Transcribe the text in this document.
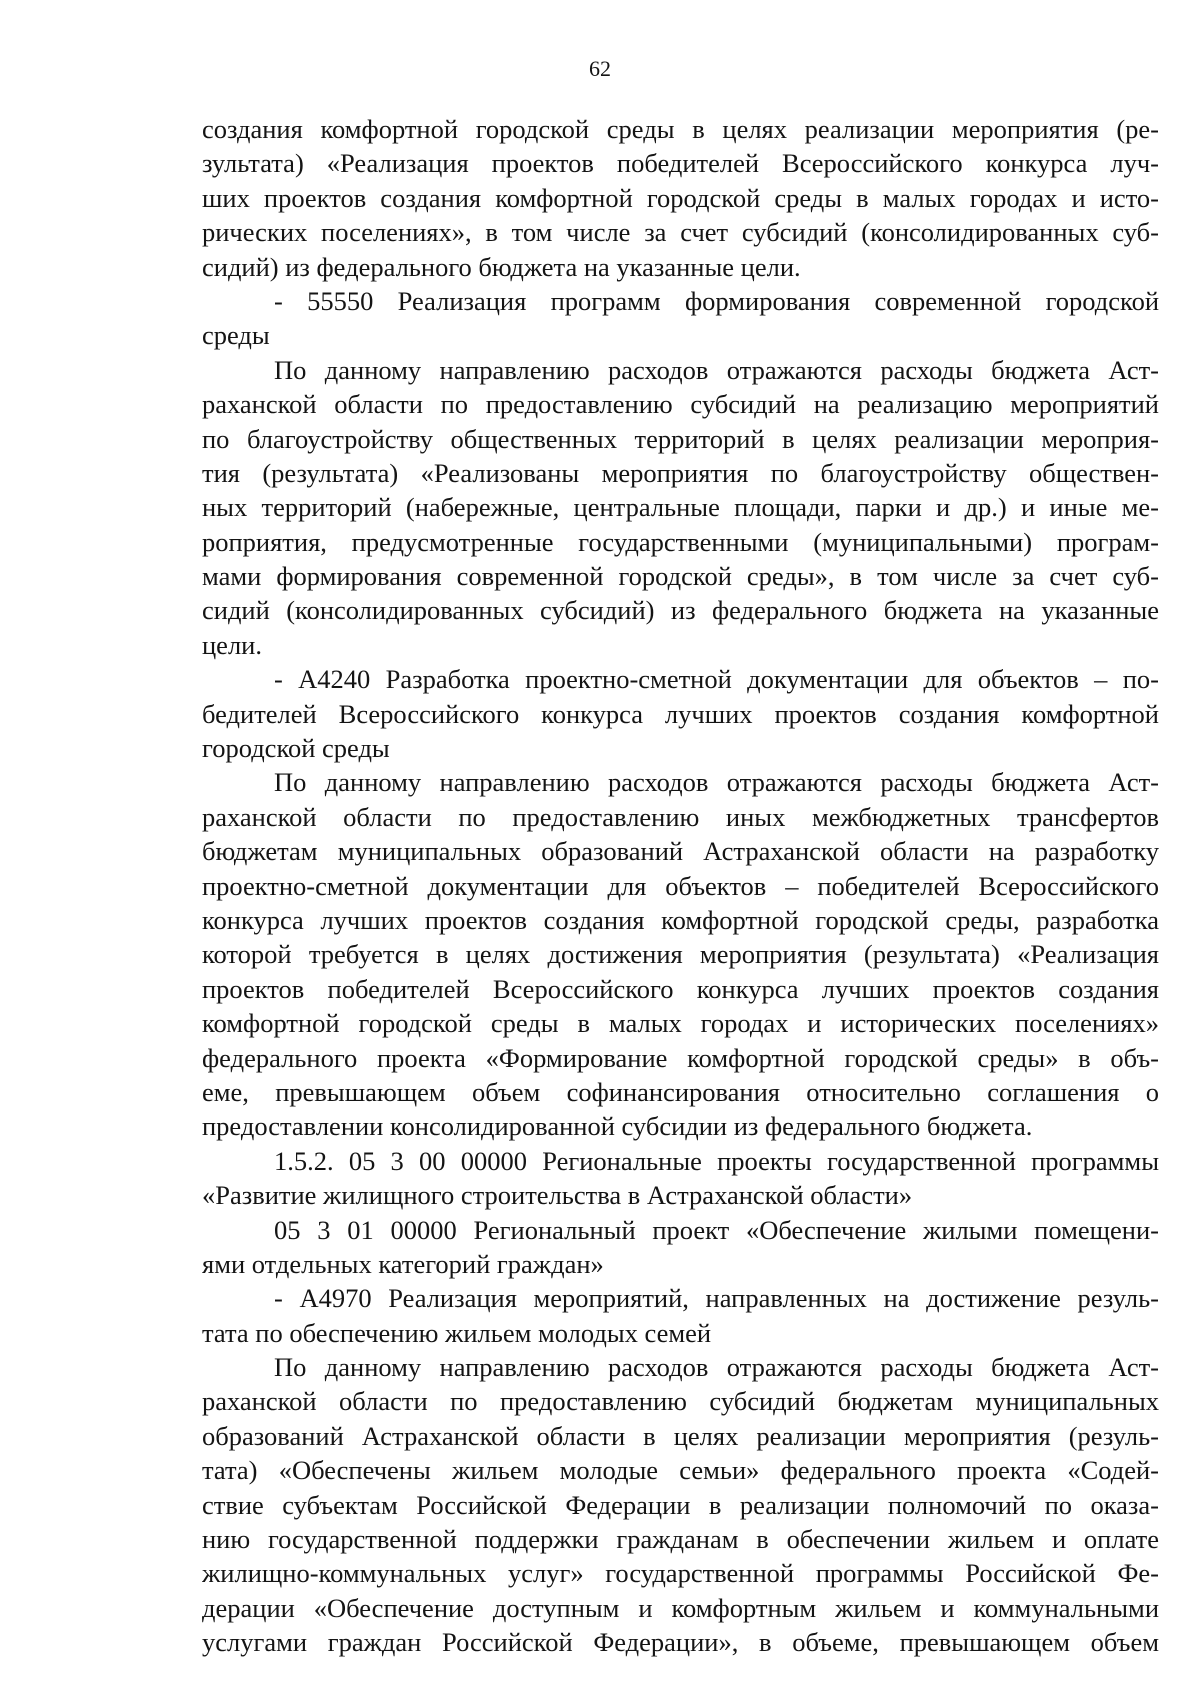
62
создания комфортной городской среды в целях реализации мероприятия (ре-
зультата) «Реализация проектов победителей Всероссийского конкурса луч-
ших проектов создания комфортной городской среды в малых городах и исто-
рических поселениях», в том числе за счет субсидий (консолидированных суб-
сидий) из федерального бюджета на указанные цели.
- 55550 Реализация программ формирования современной городской
среды
По данному направлению расходов отражаются расходы бюджета Аст-
раханской области по предоставлению субсидий на реализацию мероприятий
по благоустройству общественных территорий в целях реализации мероприя-
тия (результата) «Реализованы мероприятия по благоустройству обществен-
ных территорий (набережные, центральные площади, парки и др.) и иные ме-
роприятия, предусмотренные государственными (муниципальными) програм-
мами формирования современной городской среды», в том числе за счет суб-
сидий (консолидированных субсидий) из федерального бюджета на указанные
цели.
- А4240 Разработка проектно-сметной документации для объектов – по-
бедителей Всероссийского конкурса лучших проектов создания комфортной
городской среды
По данному направлению расходов отражаются расходы бюджета Аст-
раханской области по предоставлению иных межбюджетных трансфертов
бюджетам муниципальных образований Астраханской области на разработку
проектно-сметной документации для объектов – победителей Всероссийского
конкурса лучших проектов создания комфортной городской среды, разработка
которой требуется в целях достижения мероприятия (результата) «Реализация
проектов победителей Всероссийского конкурса лучших проектов создания
комфортной городской среды в малых городах и исторических поселениях»
федерального проекта «Формирование комфортной городской среды» в объ-
еме, превышающем объем софинансирования относительно соглашения о
предоставлении консолидированной субсидии из федерального бюджета.
1.5.2. 05 3 00 00000 Региональные проекты государственной программы
«Развитие жилищного строительства в Астраханской области»
05 3 01 00000 Региональный проект «Обеспечение жилыми помещени-
ями отдельных категорий граждан»
- А4970 Реализация мероприятий, направленных на достижение резуль-
тата по обеспечению жильем молодых семей
По данному направлению расходов отражаются расходы бюджета Аст-
раханской области по предоставлению субсидий бюджетам муниципальных
образований Астраханской области в целях реализации мероприятия (резуль-
тата) «Обеспечены жильем молодые семьи» федерального проекта «Содей-
ствие субъектам Российской Федерации в реализации полномочий по оказа-
нию государственной поддержки гражданам в обеспечении жильем и оплате
жилищно-коммунальных услуг» государственной программы Российской Фе-
дерации «Обеспечение доступным и комфортным жильем и коммунальными
услугами граждан Российской Федерации», в объеме, превышающем объем
